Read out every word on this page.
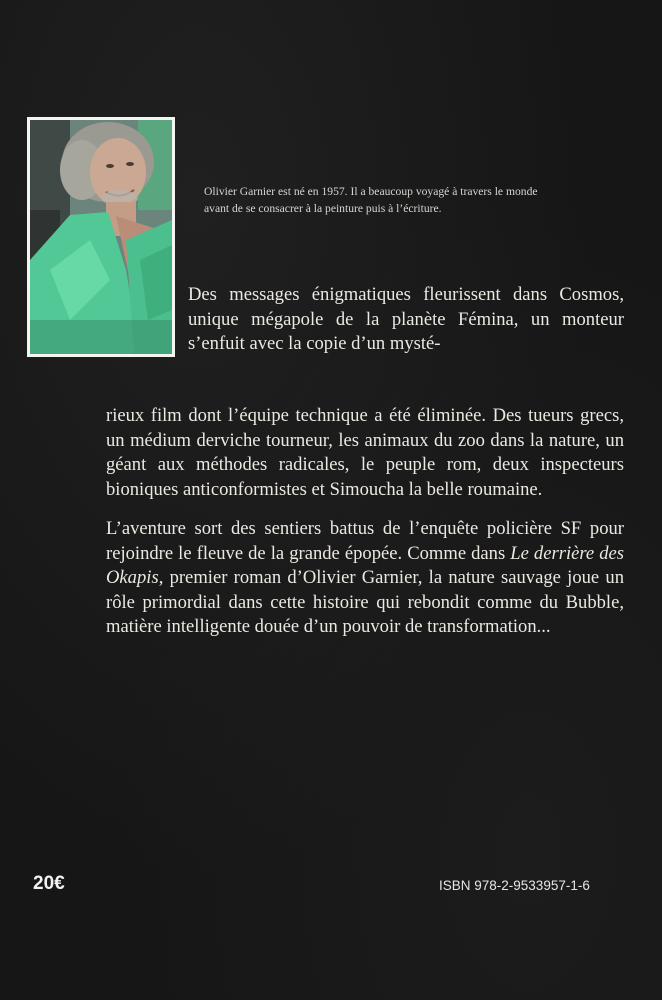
Olivier Garnier est né en 1957. Il a beaucoup voyagé à travers le monde
avant de se consacrer à la peinture puis à l’écriture.

Des messages énigmatiques fleurissent dans Cosmos, unique mégapole de la planète Fémina, un monteur s’enfuit avec la copie d’un mysté-

rieux film dont l’équipe technique a été éliminée. Des tueurs grecs, un médium derviche tourneur, les animaux du zoo dans la nature, un géant aux méthodes radicales, le peuple rom, deux inspecteurs bioniques anticonformistes et Simoucha la belle roumaine.

L’aventure sort des sentiers battus de l’enquête policière SF pour rejoindre le fleuve de la grande épopée. Comme dans Le derrière des Okapis, premier roman d’Olivier Garnier, la nature sauvage joue un rôle primordial dans cette histoire qui rebondit comme du Bubble, matière intelligente douée d’un pouvoir de transformation...

20€	ISBN 978-2-9533957-1-6
